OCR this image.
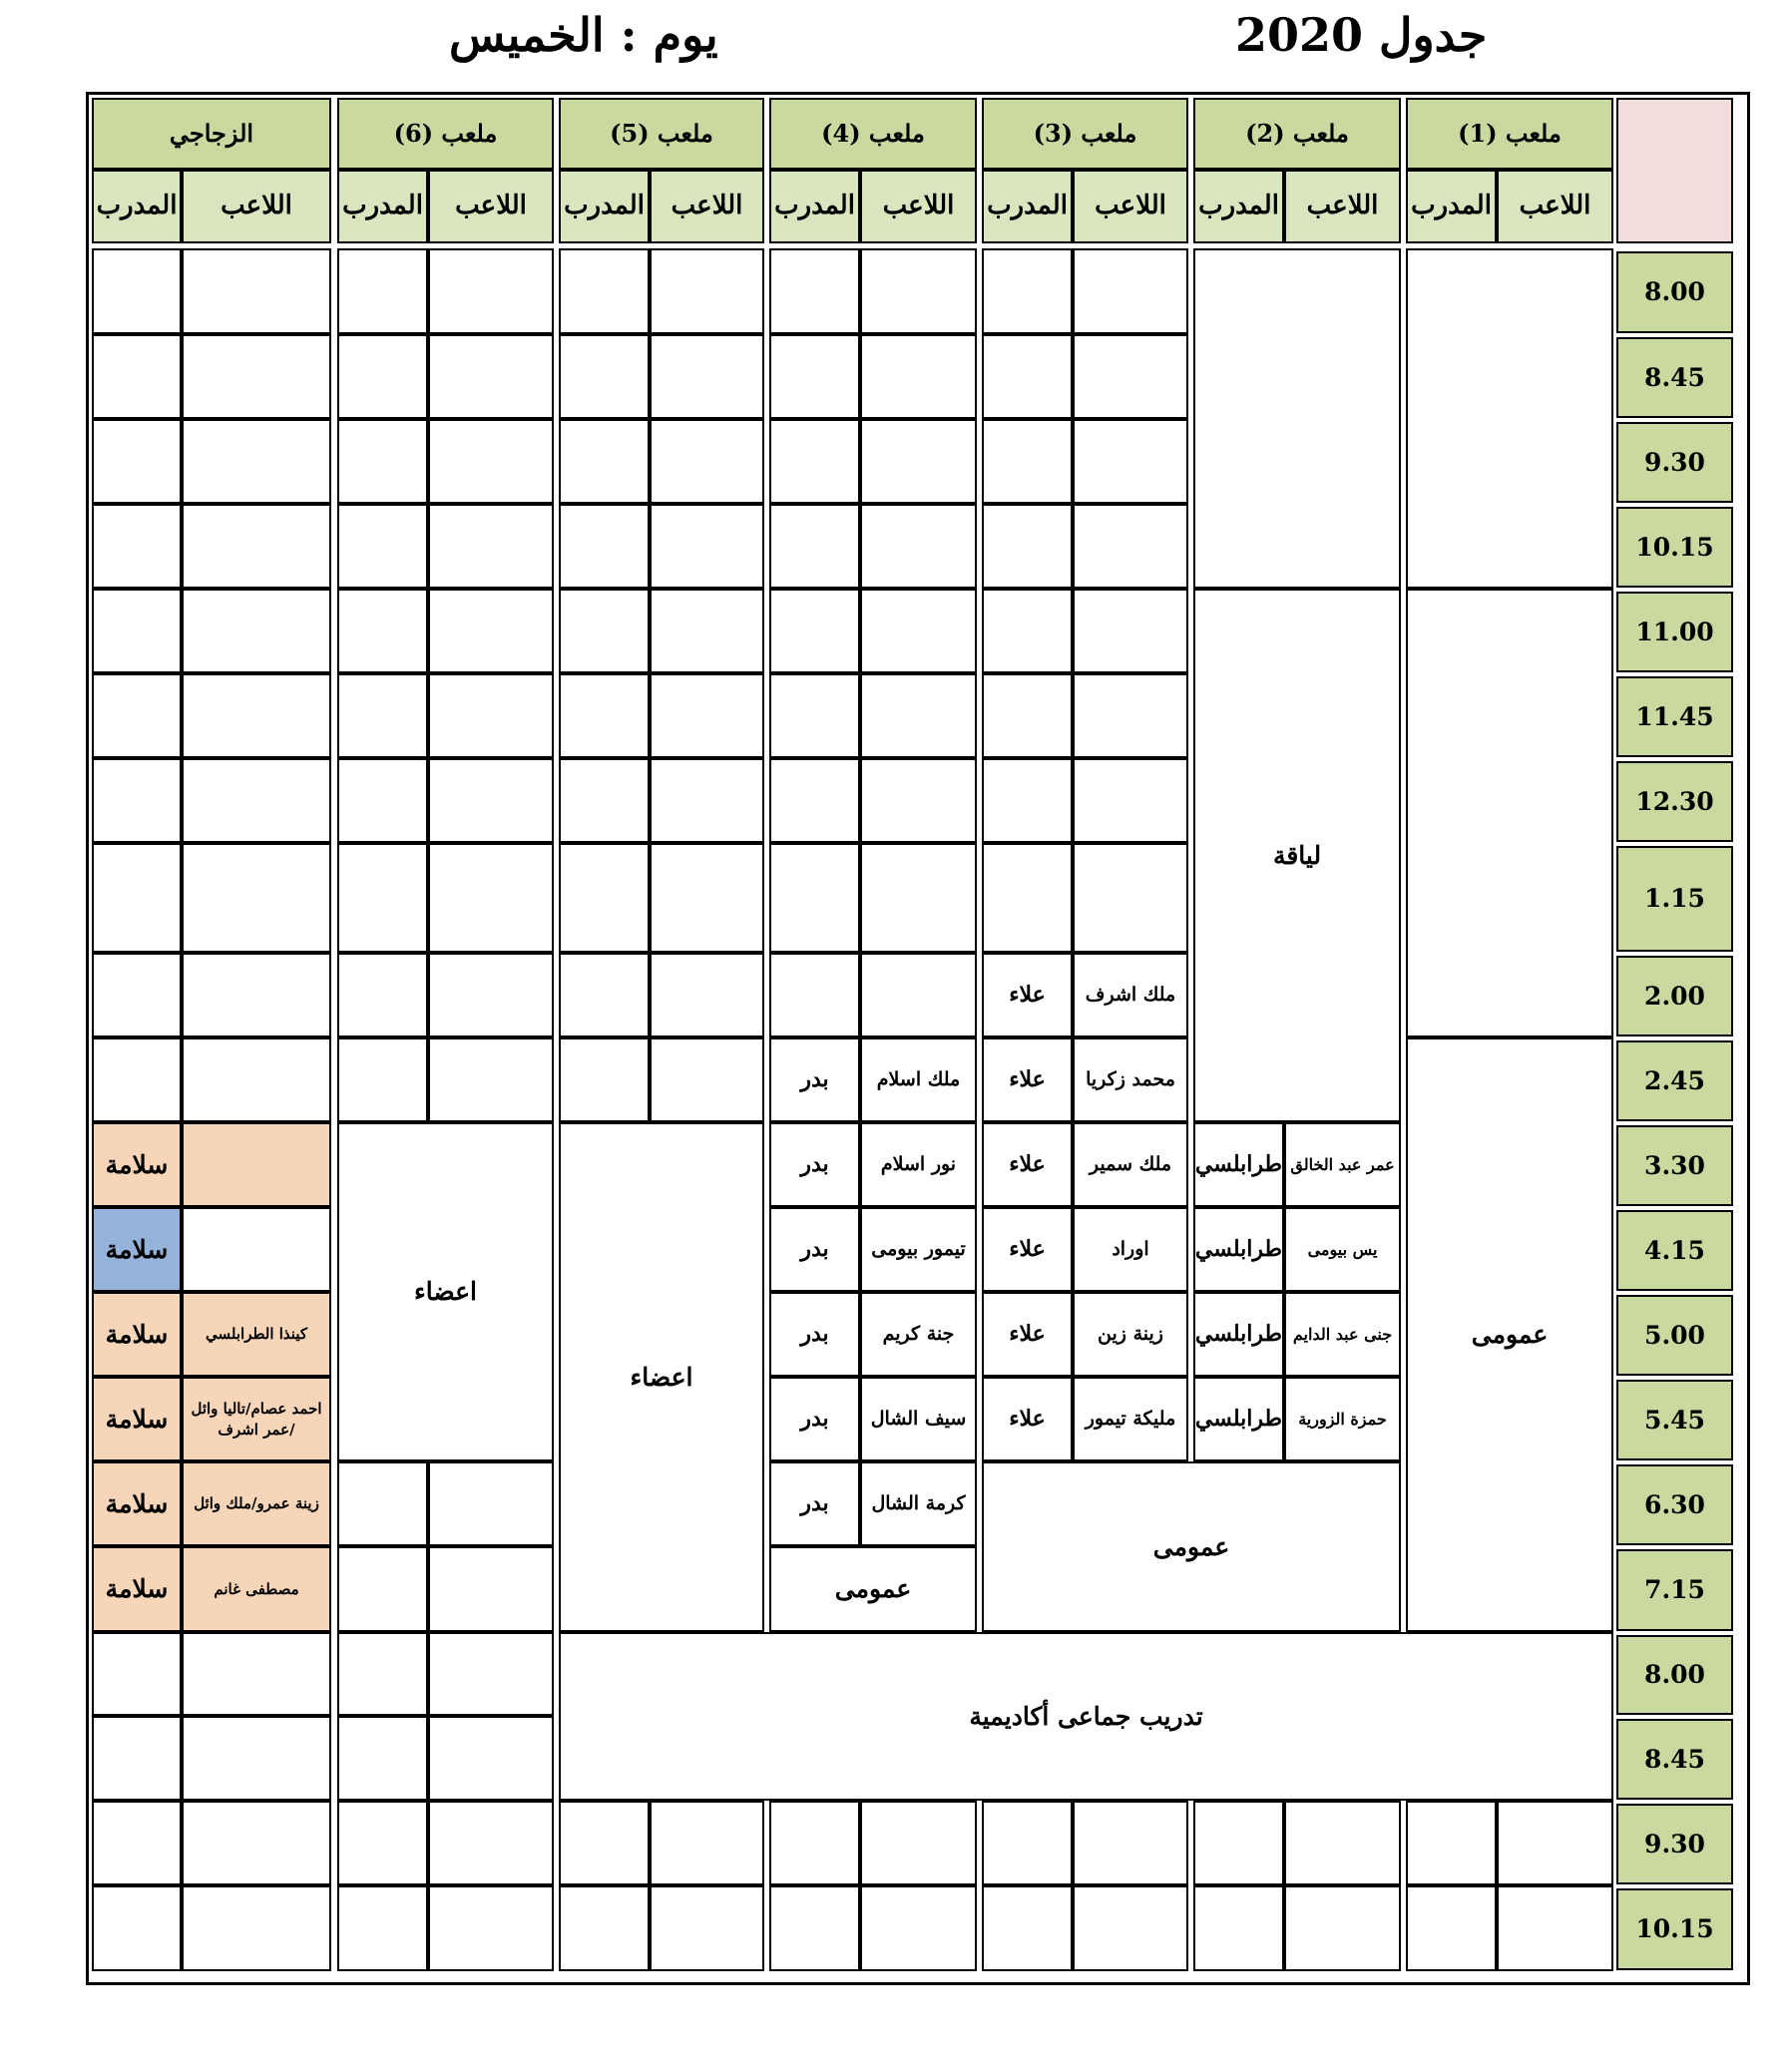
يوم : الخميس	جدول 2020
ملعب (1)
اللاعب
المدرب
ملعب (2)
اللاعب
المدرب
ملعب (3)
اللاعب
المدرب
ملعب (4)
اللاعب
المدرب
ملعب (5)
اللاعب
المدرب
ملعب (6)
اللاعب
المدرب
الزجاجي
اللاعب
المدرب
8.00
8.45
9.30
10.15
11.00
11.45
12.30
1.15
2.00
2.45
3.30
4.15
5.00
5.45
6.30
7.15
8.00
8.45
9.30
10.15
عمومى
لياقة
عمر عبد الخالق
طرابلسي
يس بيومى
طرابلسي
جنى عبد الدايم
طرابلسي
حمزة الزورية
طرابلسي
ملك اشرف
علاء
محمد زكريا
علاء
ملك سمير
علاء
اوراد
علاء
زينة زين
علاء
مليكة تيمور
علاء
عمومى
ملك اسلام
بدر
نور اسلام
بدر
تيمور بيومى
بدر
جنة كريم
بدر
سيف الشال
بدر
كرمة الشال
بدر
عمومى
اعضاء
اعضاء
تدريب جماعى أكاديمية
سلامة
سلامة
كينذا الطرابلسي
سلامة
احمد عصام/تاليا وائل /عمر اشرف
سلامة
زينة عمرو/ملك وائل
سلامة
مصطفى غانم
سلامة
